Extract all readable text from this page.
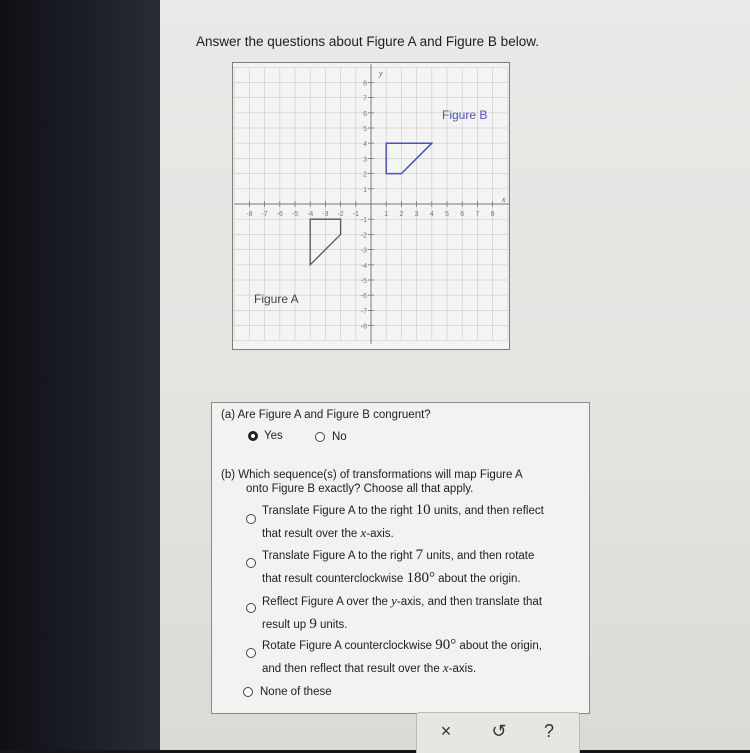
Answer the questions about Figure A and Figure B below.
-8 -7 -6 -5 -4 -3 -2 -1	1 2 3 4 5 6 7 8
8
7
6
5
4
3
2
1
-1
-2
-3
-4
-5
-6
-7
-8
Figure B
Figure A
x
y
(a) Are Figure A and Figure B congruent?
Yes	No
(b) Which sequence(s) of transformations will map Figure A
onto Figure B exactly? Choose all that apply.
Translate Figure A to the right 10 units, and then reflect
that result over the x-axis.
Translate Figure A to the right 7 units, and then rotate
that result counterclockwise 180° about the origin.
Reflect Figure A over the y-axis, and then translate that
result up 9 units.
Rotate Figure A counterclockwise 90° about the origin,
and then reflect that result over the x-axis.
None of these
×	↺	?
